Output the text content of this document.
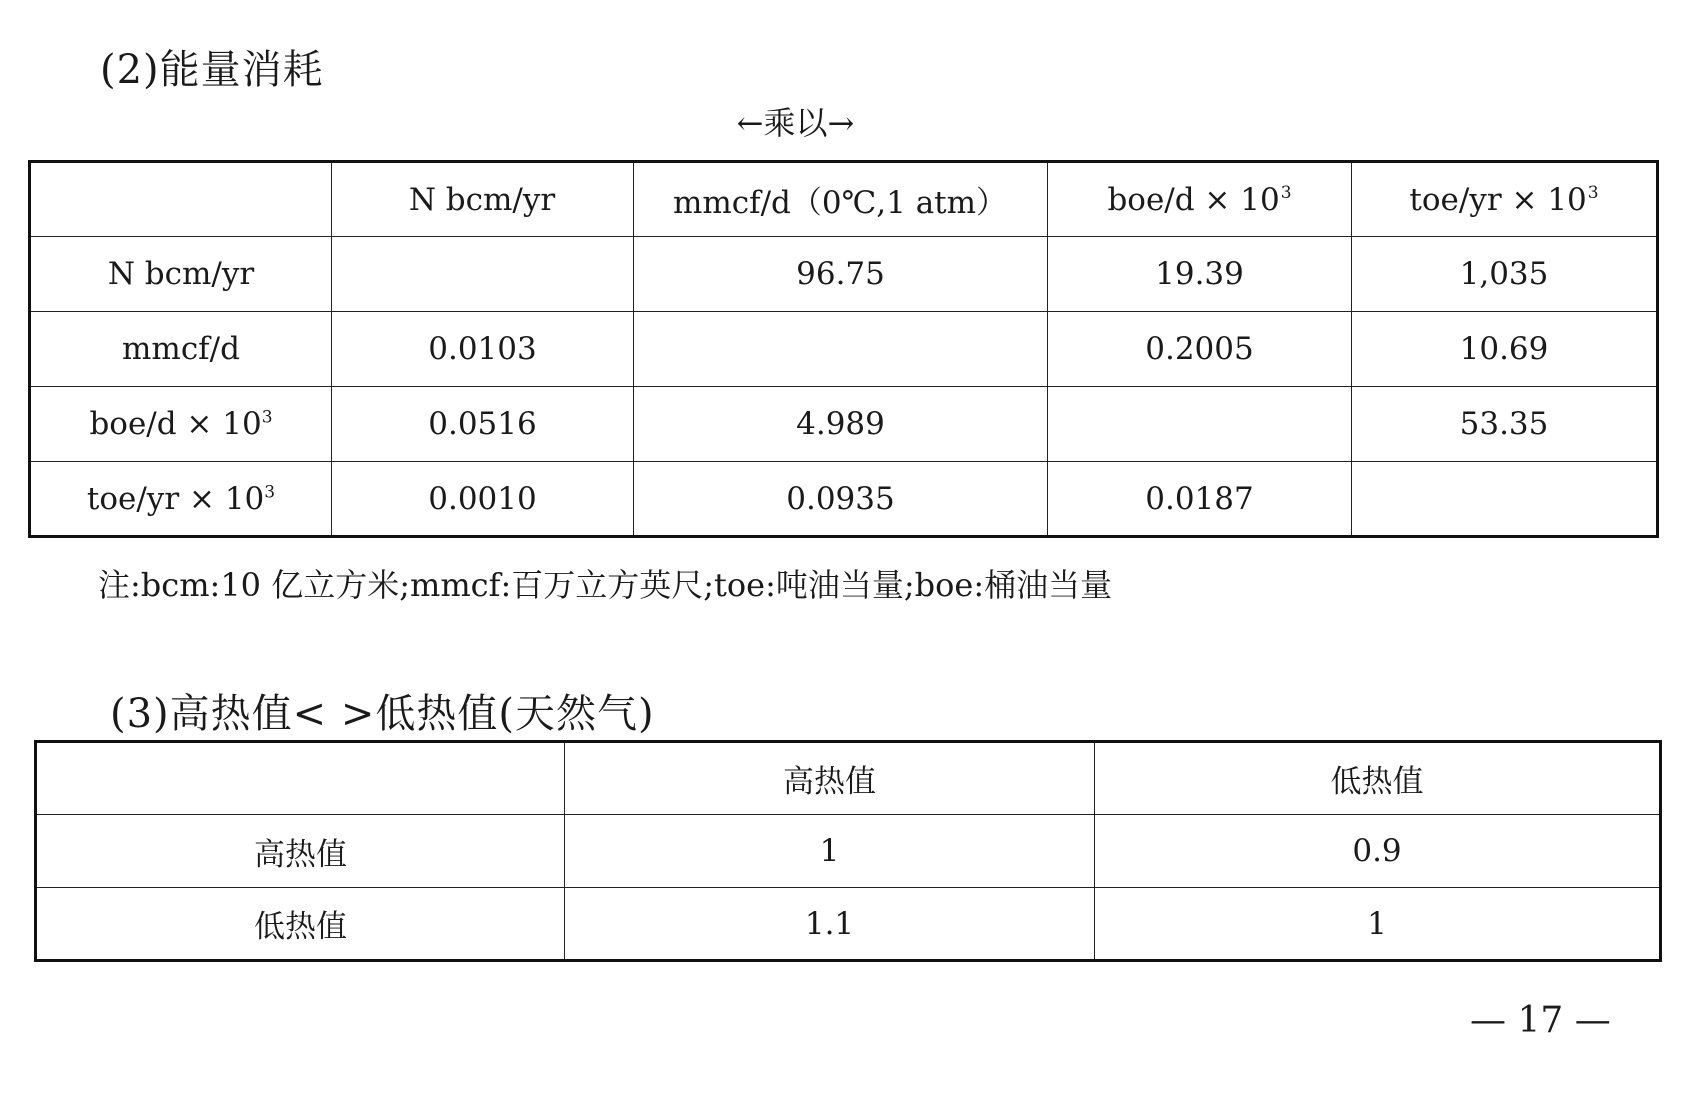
(2)能量消耗
←乘以→
	N bcm/yr	mmcf/d（0℃,1 atm）	$boe/d \times 10^3$	$toe/yr \times 10^3$
N bcm/yr		96.75	19.39	1,035
mmcf/d	0.0103		0.2005	10.69
$boe/d \times 10^3$	0.0516	4.989		53.35
$toe/yr \times 10^3$	0.0010	0.0935	0.0187	
注:bcm:10 亿立方米;mmcf:百万立方英尺;toe:吨油当量;boe:桶油当量
(3)高热值< >低热值(天然气)
	高热值	低热值
高热值	1	0.9
低热值	1.1	1
— 17 —
